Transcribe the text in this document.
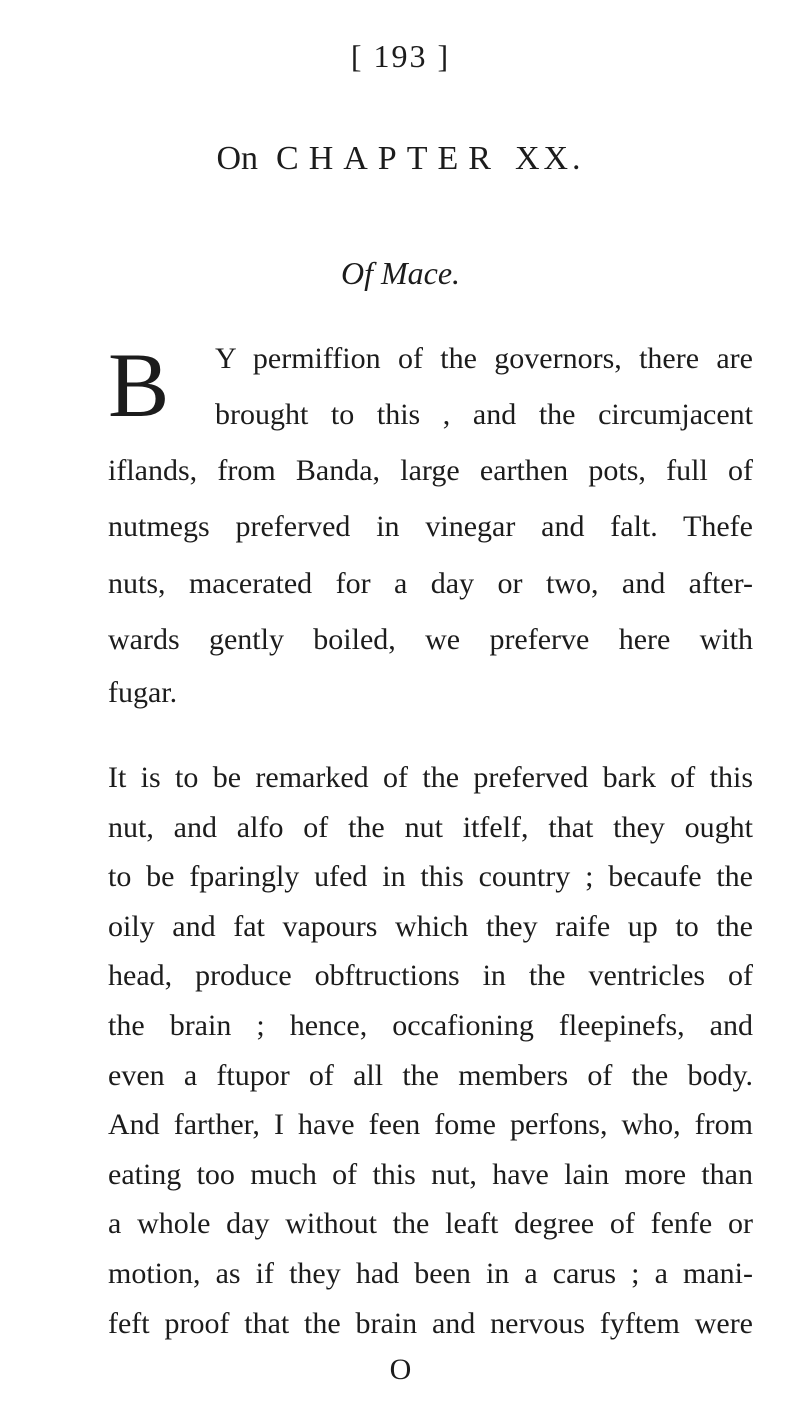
[ 193 ]
On CHAPTER XX.
Of Mace.
B Y permiffion of the governors, there are
brought to this , and the circumjacent
iflands, from Banda, large earthen pots, full of
nutmegs preferved in vinegar and falt. Thefe
nuts, macerated for a day or two, and after-
wards gently boiled, we preferve here with
fugar.
It is to be remarked of the preferved bark of this
nut, and alfo of the nut itfelf, that they ought
to be fparingly ufed in this country ; becaufe the
oily and fat vapours which they raife up to the
head, produce obftructions in the ventricles of
the brain ; hence, occafioning fleepinefs, and
even a ftupor of all the members of the body.
And farther, I have feen fome perfons, who, from
eating too much of this nut, have lain more than
a whole day without the leaft degree of fenfe or
motion, as if they had been in a carus ; a mani-
feft proof that the brain and nervous fyftem were
O
